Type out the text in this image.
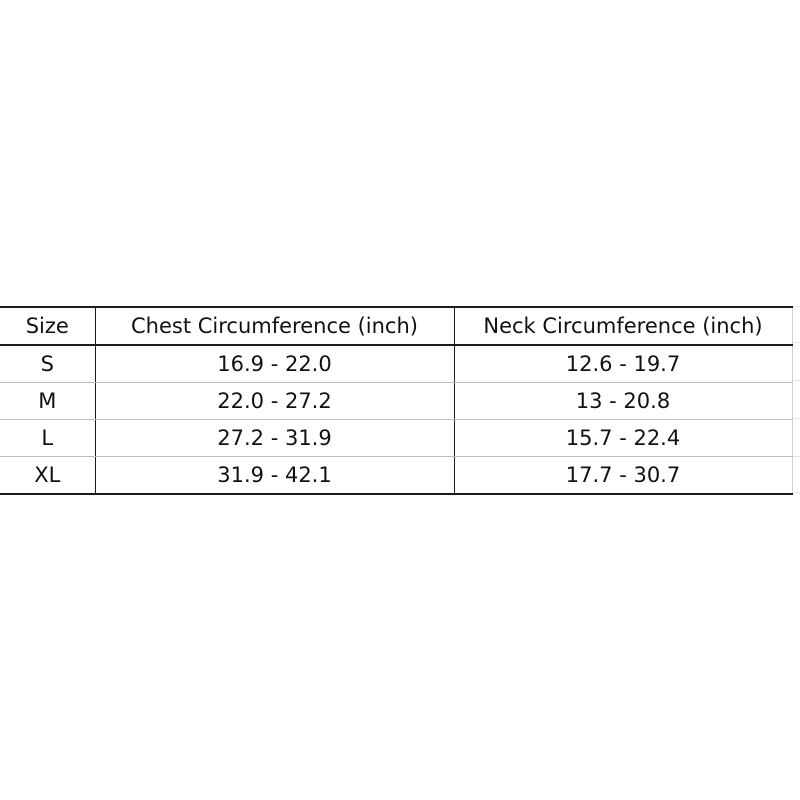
Size	Chest Circumference (inch)	Neck Circumference (inch)
S	16.9 - 22.0	12.6 - 19.7
M	22.0 - 27.2	13 - 20.8
L	27.2 - 31.9	15.7 - 22.4
XL	31.9 - 42.1	17.7 - 30.7
